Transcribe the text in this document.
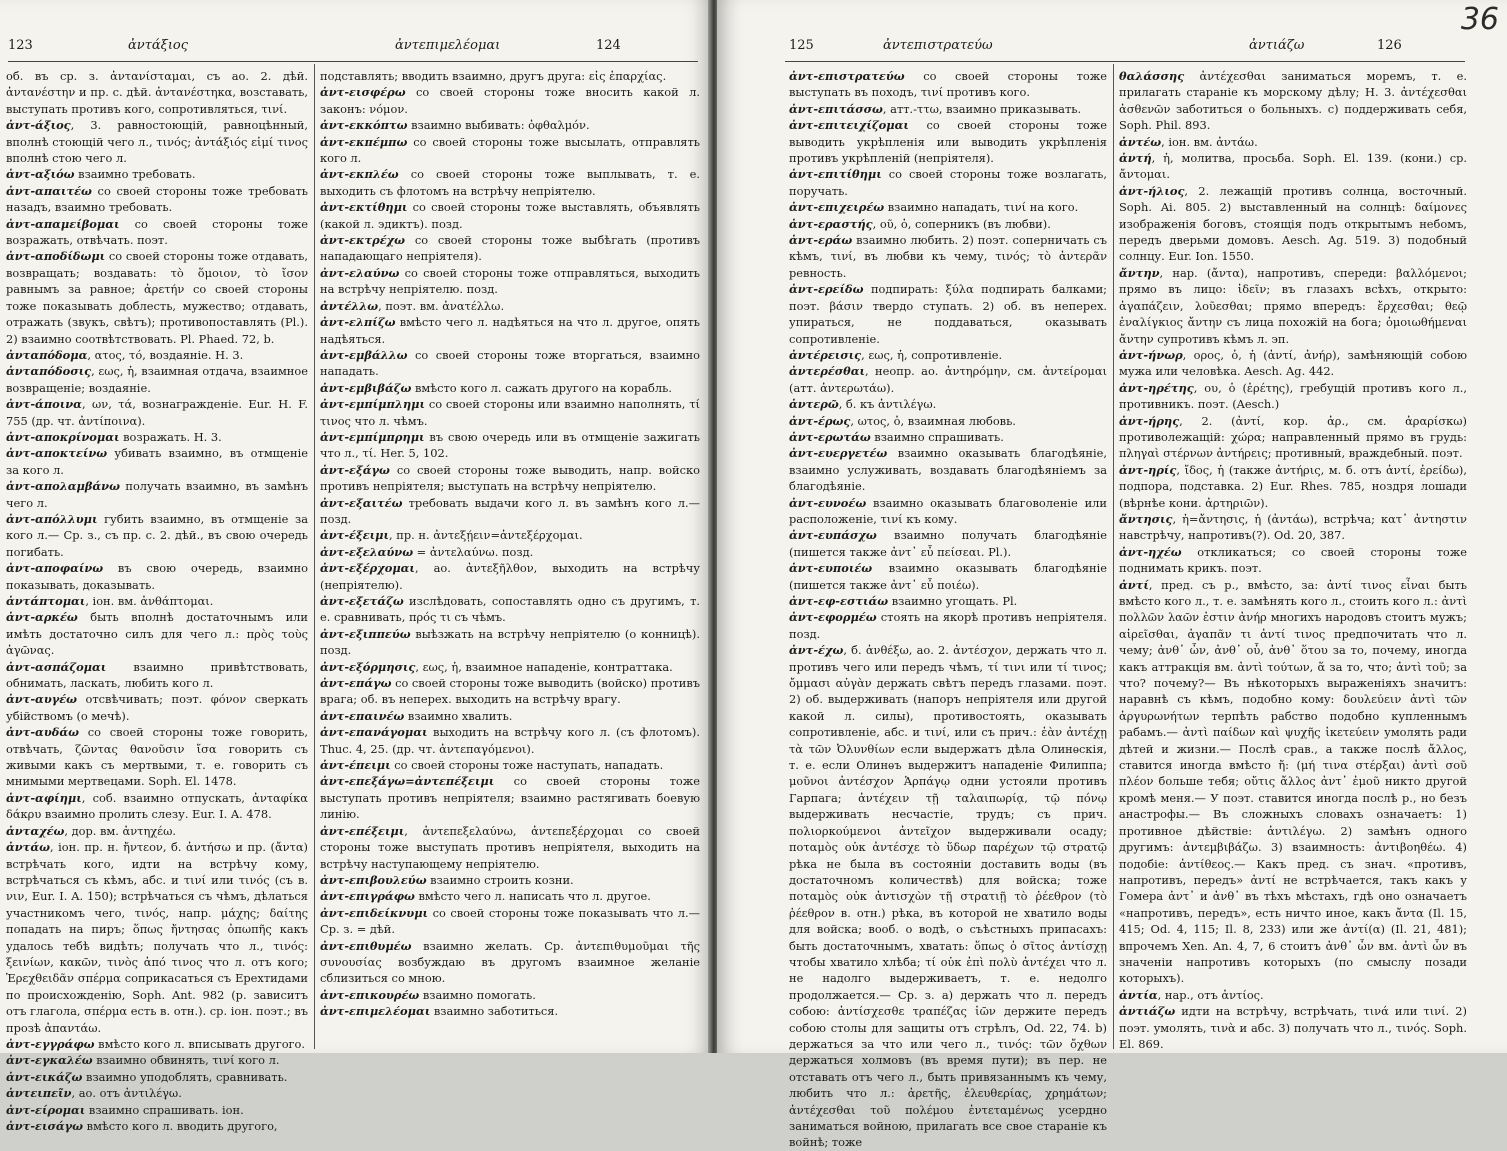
123	ἀντάξιος	ἀντεπιμελέομαι	124

об. въ ср. з. ἀντανίσταμαι, съ ао. 2. дѣй. ἀντανέστην и пр. с. дѣй. ἀντανέστηκα, возставать, выступать противъ кого, сопротивляться, τινί.

ἀντ-άξιος, 3. равностоющій, равноцѣнный, вполнѣ стоющій чего л., τινός; ἀντάξιός εἰμί τινος вполнѣ стою чего л.

ἀντ-αξιόω взаимно требовать.

ἀντ-απαιτέω со своей стороны тоже требовать назадъ, взаимно требовать.

ἀντ-απαμείβομαι со своей стороны тоже возражать, отвѣчать. поэт.

ἀντ-αποδίδωμι со своей стороны тоже отдавать, возвращать; воздавать: τὸ ὅμοιον, τὸ ἴσον равнымъ за равное; ἀρετήν со своей стороны тоже показывать доблесть, мужество; отдавать, отражать (звукъ, свѣтъ); противопоставлять (Pl.). 2) взаимно соотвѣтствовать. Pl. Phaed. 72, b.

ἀνταπόδομα, ατος, τό, воздаяніе. Н. 3.

ἀνταπόδοσις, εως, ἡ, взаимная отдача, взаимное возвращеніе; воздаяніе.

ἀντ-άποινα, ων, τά, вознагражденіе. Eur. H. F. 755 (др. чт. ἀντίποινα).

ἀντ-αποκρίνομαι возражать. Н. 3.

ἀντ-αποκτείνω убивать взаимно, въ отмщеніе за кого л.

ἀντ-απολαμβάνω получать взаимно, въ замѣнъ чего л.

ἀντ-απόλλυμι губить взаимно, въ отмщеніе за кого л.— Ср. з., съ пр. с. 2. дѣй., въ свою очередь погибать.

ἀντ-αποφαίνω въ свою очередь, взаимно показывать, доказывать.

ἀντάπτομαι, іон. вм. ἀνθάπτομαι.

ἀντ-αρκέω быть вполнѣ достаточнымъ или имѣть достаточно силъ для чего л.: πρὸς τοὺς ἀγῶνας.

ἀντ-ασπάζομαι взаимно привѣтствовать, обнимать, ласкать, любить кого л.

ἀντ-αυγέω отсвѣчивать; поэт. φόνον сверкать убійствомъ (о мечѣ).

ἀντ-αυδάω со своей стороны тоже говорить, отвѣчать, ζῶντας θανοῦσιν ἴσα говорить съ живыми какъ съ мертвыми, т. е. говорить съ мнимыми мертвецами. Soph. El. 1478.

ἀντ-αφίημι, соб. взаимно отпускать, ἀνταφίκα δάκρυ взаимно пролить слезу. Eur. I. A. 478.

ἀνταχέω, дор. вм. ἀντηχέω.

ἀντάω, іон. пр. н. ἤντεον, б. ἀντήσω и пр. (ἄντα) встрѣчать кого, идти на встрѣчу кому, встрѣчаться съ кѣмъ, абс. и τινί или τινός (съ в. νιν, Eur. I. A. 150); встрѣчаться съ чѣмъ, дѣлаться участникомъ чего, τινός, напр. μάχης; δαίτης попадать на пиръ; ὅπως ἤντησας ὀπωπῆς какъ удалось тебѣ видѣть; получать что л., τινός: ξεινίων, κακῶν, τινὸς ἀπό τινος что л. отъ кого; Ἐρεχθειδᾶν σπέρμα соприкасаться съ Ерехтидами по происхожденію, Soph. Ant. 982 (р. зависитъ отъ глагола, σπέρμα есть в. отн.). ср. іон. поэт.; въ прозѣ ἀπαντάω.

ἀντ-εγγράφω вмѣсто кого л. вписывать другого.

ἀντ-εγκαλέω взаимно обвинять, τινί кого л.

ἀντ-εικάζω взаимно уподоблять, сравнивать.

ἀντειπεῖν, ао. отъ ἀντιλέγω.

ἀντ-είρομαι взаимно спрашивать. іон.

ἀντ-εισάγω вмѣсто кого л. вводить другого,

подставлять; вводить взаимно, другъ друга: εἰς ἐπαρχίας.

ἀντ-εισφέρω со своей стороны тоже вносить какой л. законъ: νόμον.

ἀντ-εκκόπτω взаимно выбивать: ὀφθαλμόν.

ἀντ-εκπέμπω со своей стороны тоже высылать, отправлять кого л.

ἀντ-εκπλέω со своей стороны тоже выплывать, т. е. выходить съ флотомъ на встрѣчу непріятелю.

ἀντ-εκτίθημι со своей стороны тоже выставлять, объявлять (какой л. эдиктъ). позд.

ἀντ-εκτρέχω со своей стороны тоже выбѣгать (противъ нападающаго непріятеля).

ἀντ-ελαύνω со своей стороны тоже отправляться, выходить на встрѣчу непріятелю. позд.

ἀντέλλω, поэт. вм. ἀνατέλλω.

ἀντ-ελπίζω вмѣсто чего л. надѣяться на что л. другое, опять надѣяться.

ἀντ-εμβάλλω со своей стороны тоже вторгаться, взаимно нападать.

ἀντ-εμβιβάζω вмѣсто кого л. сажать другого на корабль.

ἀντ-εμπίμπλημι со своей стороны или взаимно наполнять, τί τινος что л. чѣмъ.

ἀντ-εμπίμπρημι въ свою очередь или въ отмщеніе зажигать что л., τί. Her. 5, 102.

ἀντ-εξάγω со своей стороны тоже выводить, напр. войско противъ непріятеля; выступать на встрѣчу непріятелю.

ἀντ-εξαιτέω требовать выдачи кого л. въ замѣнъ кого л.—позд.

ἀντ-έξειμι, пр. н. ἀντεξῄειν=ἀντεξέρχομαι.

ἀντ-εξελαύνω = ἀντελαύνω. позд.

ἀντ-εξέρχομαι, ао. ἀντεξῆλθον, выходить на встрѣчу (непріятелю).

ἀντ-εξετάζω изслѣдовать, сопоставлять одно съ другимъ, т. е. сравнивать, πρός τι съ чѣмъ.

ἀντ-εξιππεύω выѣзжать на встрѣчу непріятелю (о конницѣ). позд.

ἀντ-εξόρμησις, εως, ἡ, взаимное нападеніе, контраттака.

ἀντ-επάγω со своей стороны тоже выводить (войско) противъ врага; об. въ неперех. выходить на встрѣчу врагу.

ἀντ-επαινέω взаимно хвалить.

ἀντ-επανάγομαι выходить на встрѣчу кого л. (съ флотомъ). Thuc. 4, 25. (др. чт. ἀντεπαγόμενοι).

ἀντ-έπειμι со своей стороны тоже наступать, нападать.

ἀντ-επεξάγω=ἀντεπέξειμι со своей стороны тоже выступать противъ непріятеля; взаимно растягивать боевую линію.

ἀντ-επέξειμι, ἀντεπεξελαύνω, ἀντεπεξέρχομαι со своей стороны тоже выступать противъ непріятеля, выходить на встрѣчу наступающему непріятелю.

ἀντ-επιβουλεύω взаимно строить козни.

ἀντ-επιγράφω вмѣсто чего л. написать что л. другое.

ἀντ-επιδείκνυμι со своей стороны тоже показывать что л.—Ср. з. = дѣй.

ἀντ-επιθυμέω взаимно желать. Ср. ἀντεπιθυμοῦμαι τῆς συνουσίας возбуждаю въ другомъ взаимное желаніе сблизиться со мною.

ἀντ-επικουρέω взаимно помогать.

ἀντ-επιμελέομαι взаимно заботиться.

36
125	ἀντεπιστρατεύω	ἀντιάζω	126

ἀντ-επιστρατεύω со своей стороны тоже выступать въ походъ, τινί противъ кого.

ἀντ-επιτάσσω, атт.-ττω, взаимно приказывать.

ἀντ-επιτειχίζομαι со своей стороны тоже выводить укрѣпленія или выводить укрѣпленія противъ укрѣпленій (непріятеля).

ἀντ-επιτίθημι со своей стороны тоже возлагать, поручать.

ἀντ-επιχειρέω взаимно нападать, τινί на кого.

ἀντ-εραστής, οῦ, ὁ, соперникъ (въ любви).

ἀντ-εράω взаимно любить. 2) поэт. соперничать съ кѣмъ, τινί, въ любви къ чему, τινός; τὸ ἀντερᾶν ревность.

ἀντ-ερείδω подпирать: ξύλα подпирать балками; поэт. βάσιν твердо ступать. 2) об. въ неперех. упираться, не поддаваться, оказывать сопротивленіе.

ἀντέρεισις, εως, ἡ, сопротивленіе.

ἀντερέσθαι, неопр. ао. ἀντηρόμην, см. ἀντείρομαι (атт. ἀντερωτάω).

ἀντερῶ, б. къ ἀντιλέγω.

ἀντ-έρως, ωτος, ὁ, взаимная любовь.

ἀντ-ερωτάω взаимно спрашивать.

ἀντ-ευεργετέω взаимно оказывать благодѣяніе, взаимно услуживать, воздавать благодѣяніемъ за благодѣяніе.

ἀντ-ευνοέω взаимно оказывать благоволеніе или расположеніе, τινί къ кому.

ἀντ-ευπάσχω взаимно получать благодѣяніе (пишется также ἀντ᾽ εὖ πείσεαι. Pl.).

ἀντ-ευποιέω взаимно оказывать благодѣяніе (пишется также ἀντ᾽ εὖ ποιέω).

ἀντ-εφ-εστιάω взаимно угощать. Pl.

ἀντ-εφορμέω стоять на якорѣ противъ непріятеля. позд.

ἀντ-έχω, б. ἀνθέξω, ао. 2. ἀντέσχον, держать что л. противъ чего или передъ чѣмъ, τί τινι или τί τινος; ὄμμασι αὐγὰν держать свѣтъ передъ глазами. поэт. 2) об. выдерживать (напоръ непріятеля или другой какой л. силы), противостоять, оказывать сопротивленіе, абс. и τινί, или съ прич.: ἐὰν ἀντέχῃ τὰ τῶν Ὀλυνθίων если выдержатъ дѣла Олинѳскія, т. е. если Олинѳъ выдержитъ нападеніе Филиппа; μοῦνοι ἀντέσχον Ἁρπάγῳ одни устояли противъ Гарпага; ἀντέχειν τῇ ταλαιπωρίᾳ, τῷ πόνῳ выдерживать несчастіе, трудъ; съ прич. πολιορκούμενοι ἀντεῖχον выдерживали осаду; ποταμὸς οὐκ ἀντέσχε τὸ ὕδωρ παρέχων τῷ στρατῷ рѣка не была въ состояніи доставить воды (въ достаточномъ количествѣ) для войска; тоже ποταμὸς οὐκ ἀντισχὼν τῇ στρατιῇ τὸ ῥέεθρον (τὸ ῥέεθρον в. отн.) рѣка, въ которой не хватило воды для войска; вооб. о водѣ, о съѣстныхъ припасахъ: быть достаточнымъ, хватать: ὅπως ὁ σῖτος ἀντίσχῃ чтобы хватило хлѣба; τί οὐκ ἐπὶ πολὺ ἀντέχει что л. не надолго выдерживаетъ, т. е. недолго продолжается.— Ср. з. а) держать что л. передъ собою: ἀντίσχεσθε τραπέζας ἰῶν держите передъ собою столы для защиты отъ стрѣлъ, Od. 22, 74. b) держаться за что или чего л., τινός: τῶν ὄχθων держаться холмовъ (въ время пути); въ пер. не отставать отъ чего л., быть привязаннымъ къ чему, любить что л.: ἀρετῆς, ἐλευθερίας, χρημάτων; ἀντέχεσθαι τοῦ πολέμου ἐντεταμένως усердно заниматься войною, прилагать все свое стараніе къ войнѣ; тоже

θαλάσσης ἀντέχεσθαι заниматься моремъ, т. е. прилагать стараніе къ морскому дѣлу; Н. 3. ἀντέχεσθαι ἀσθενῶν заботиться о больныхъ. c) поддерживать себя, Soph. Phil. 893.

ἀντέω, іон. вм. ἀντάω.

ἀντή, ἡ, молитва, просьба. Soph. El. 139. (кони.) ср. ἄντομαι.

ἀντ-ήλιος, 2. лежащій противъ солнца, восточный. Soph. Ai. 805. 2) выставленный на солнцѣ: δαίμονες изображенія боговъ, стоящія подъ открытымъ небомъ, передъ дверьми домовъ. Aesch. Ag. 519. 3) подобный солнцу. Eur. Ion. 1550.

ἄντην, нар. (ἄντα), напротивъ, спереди: βαλλόμενοι; прямо въ лицо: ἰδεῖν; въ глазахъ всѣхъ, открыто: ἀγαπάζειν, λοῦεσθαι; прямо впередъ: ἔρχεσθαι; θεῷ ἐναλίγκιος ἄντην съ лица похожій на бога; ὁμοιωθήμεναι ἄντην супротивъ кѣмъ л. эп.

ἀντ-ήνωρ, ορος, ὁ, ἡ (ἀντί, ἀνήρ), замѣняющій собою мужа или человѣка. Aesch. Ag. 442.

ἀντ-ηρέτης, ου, ὁ (ἐρέτης), гребущій противъ кого л., противникъ. поэт. (Aesch.)

ἀντ-ήρης, 2. (ἀντί, кор. ἀρ., см. ἀραρίσκω) противолежащій: χώρα; направленный прямо въ грудь: πληγαὶ στέρνων ἀντήρεις; противный, враждебный. поэт.

ἀντ-ηρίς, ἴδος, ἡ (также ἀντήρις, м. б. отъ ἀντί, ἐρείδω), подпора, подставка. 2) Eur. Rhes. 785, ноздря лошади (вѣрнѣе кони. ἀρτηριῶν).

ἄντησις, ἡ=ἄντησις, ἡ (ἀντάω), встрѣча; κατ᾽ ἀντηστιν навстрѣчу, напротивъ(?). Od. 20, 387.

ἀντ-ηχέω откликаться; со своей стороны тоже поднимать крикъ. поэт.

ἀντί, пред. съ р., вмѣсто, за: ἀντί τινος εἶναι быть вмѣсто кого л., т. е. замѣнять кого л., стоить кого л.: ἀντὶ πολλῶν λαῶν ἐστιν ἀνήρ многихъ народовъ стоитъ мужъ; αἱρεῖσθαι, ἀγαπᾶν τι ἀντί τινος предпочитать что л. чему; ἀνθ᾽ ὧν, ἀνθ᾽ οὗ, ἀνθ᾽ ὅτου за то, почему, иногда какъ аттракція вм. ἀντὶ τούτων, ἅ за то, что; ἀντὶ τοῦ; за что? почему?— Въ нѣкоторыхъ выраженіяхъ значитъ: наравнѣ съ кѣмъ, подобно кому: δουλεύειν ἀντὶ τῶν ἀργυρωνήτων терпѣть рабство подобно купленнымъ рабамъ.— ἀντὶ παίδων καὶ ψυχῆς ἱκετεύειν умолять ради дѣтей и жизни.— Послѣ срав., а также послѣ ἄλλος, ставится иногда вмѣсто ἤ: (μή τινα στέρξαι) ἀντὶ σοῦ πλέον больше тебя; οὔτις ἄλλος ἀντ᾽ ἐμοῦ никто другой кромѣ меня.— У поэт. ставится иногда послѣ р., но безъ анастрофы.— Въ сложныхъ словахъ означаетъ: 1) противное дѣйствіе: ἀντιλέγω. 2) замѣнъ одного другимъ: ἀντεμβιβάζω. 3) взаимность: ἀντιβοηθέω. 4) подобіе: ἀντίθεος.— Какъ пред. съ знач. «противъ, напротивъ, передъ» ἀντί не встрѣчается, такъ какъ у Гомера ἀντ᾽ и ἀνθ᾽ въ тѣхъ мѣстахъ, гдѣ оно означаетъ «напротивъ, передъ», есть ничто иное, какъ ἄντα (Il. 15, 415; Od. 4, 115; Il. 8, 233) или же ἀντί(α) (Il. 21, 481); впрочемъ Xen. An. 4, 7, 6 стоитъ ἀνθ᾽ ὧν вм. ἀντὶ ὧν въ значеніи напротивъ которыхъ (по смыслу позади которыхъ).

ἀντία, нар., отъ ἀντίος.

ἀντιάζω идти на встрѣчу, встрѣчать, τινά или τινί. 2) поэт. умолять, τινὰ и абс. 3) получать что л., τινός. Soph. El. 869.
